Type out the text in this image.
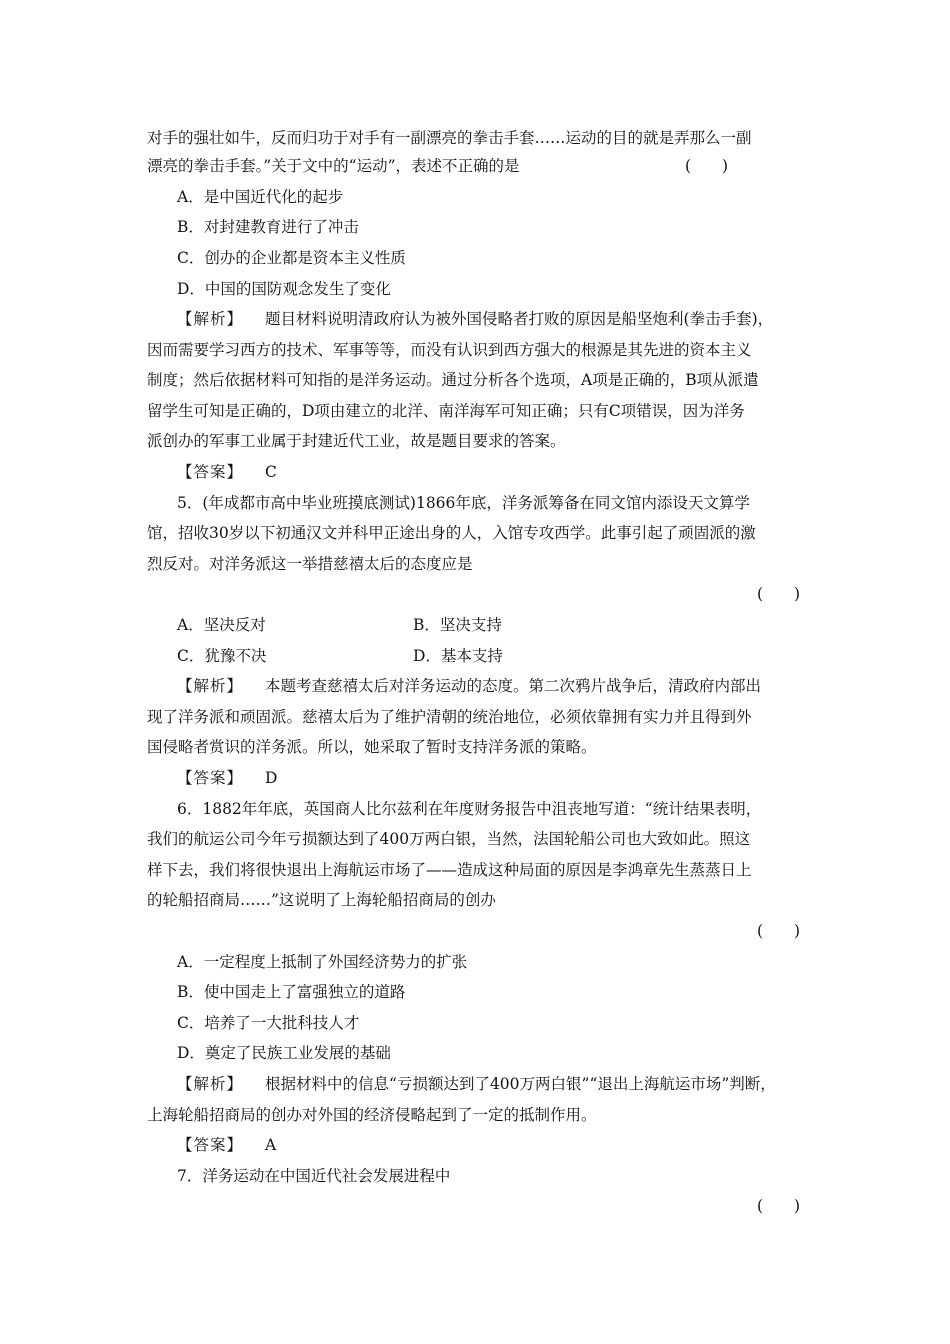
对手的强壮如牛，反而归功于对手有一副漂亮的拳击手套……运动的目的就是弄那么一副
漂亮的拳击手套。”关于文中的“运动”，表述不正确的是	(　　)
A．是中国近代化的起步
B．对封建教育进行了冲击
C．创办的企业都是资本主义性质
D．中国的国防观念发生了变化
【解析】 题目材料说明清政府认为被外国侵略者打败的原因是船坚炮利(拳击手套)，
因而需要学习西方的技术、军事等等，而没有认识到西方强大的根源是其先进的资本主义
制度；然后依据材料可知指的是洋务运动。通过分析各个选项，A项是正确的，B项从派遣
留学生可知是正确的，D项由建立的北洋、南洋海军可知正确；只有C项错误，因为洋务
派创办的军事工业属于封建近代工业，故是题目要求的答案。
【答案】 C
5．(年成都市高中毕业班摸底测试)1866年底，洋务派筹备在同文馆内添设天文算学
馆，招收30岁以下初通汉文并科甲正途出身的人，入馆专攻西学。此事引起了顽固派的激
烈反对。对洋务派这一举措慈禧太后的态度应是
(　　)
A．坚决反对	B．坚决支持
C．犹豫不决	D．基本支持
【解析】 本题考查慈禧太后对洋务运动的态度。第二次鸦片战争后，清政府内部出
现了洋务派和顽固派。慈禧太后为了维护清朝的统治地位，必须依靠拥有实力并且得到外
国侵略者赏识的洋务派。所以，她采取了暂时支持洋务派的策略。
【答案】 D
6．1882年年底，英国商人比尔兹利在年度财务报告中沮丧地写道：“统计结果表明，
我们的航运公司今年亏损额达到了400万两白银，当然，法国轮船公司也大致如此。照这
样下去，我们将很快退出上海航运市场了——造成这种局面的原因是李鸿章先生蒸蒸日上
的轮船招商局……”这说明了上海轮船招商局的创办
(　　)
A．一定程度上抵制了外国经济势力的扩张
B．使中国走上了富强独立的道路
C．培养了一大批科技人才
D．奠定了民族工业发展的基础
【解析】 根据材料中的信息“亏损额达到了400万两白银”“退出上海航运市场”判断，
上海轮船招商局的创办对外国的经济侵略起到了一定的抵制作用。
【答案】 A
7．洋务运动在中国近代社会发展进程中
(　　)
